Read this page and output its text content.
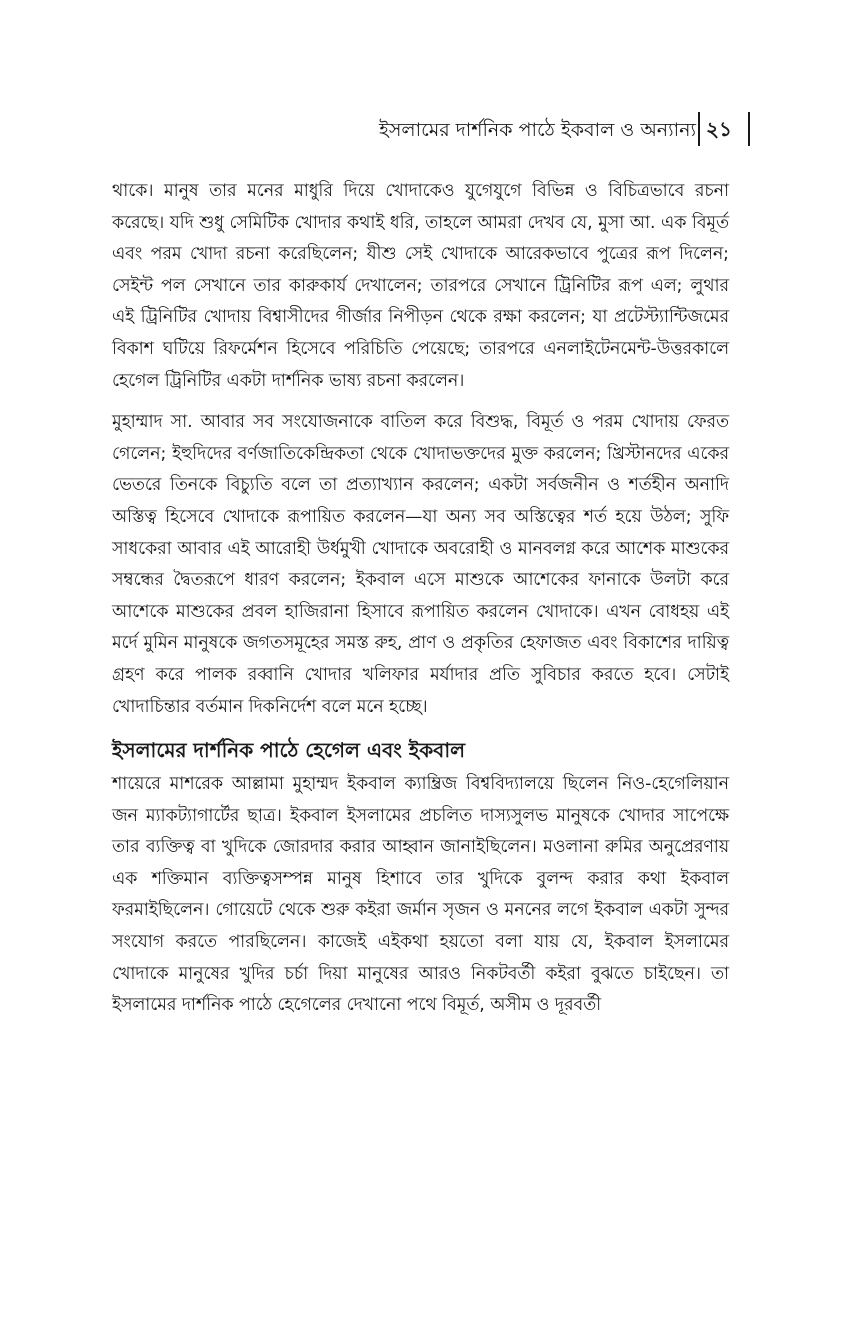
ইসলামের দার্শনিক পাঠে ইকবাল ও অন্যান্য ২১

থাকে। মানুষ তার মনের মাধুরি দিয়ে খোদাকেও যুগেযুগে বিভিন্ন ও বিচিত্রভাবে রচনা করেছে। যদি শুধু সেমিটিক খোদার কথাই ধরি, তাহলে আমরা দেখব যে, মুসা আ. এক বিমূর্ত এবং পরম খোদা রচনা করেছিলেন; যীশু সেই খোদাকে আরেকভাবে পুত্রের রূপ দিলেন; সেইন্ট পল সেখানে তার কারুকার্য দেখালেন; তারপরে সেখানে ট্রিনিটির রূপ এল; লুথার এই ট্রিনিটির খোদায় বিশ্বাসীদের গীর্জার নিপীড়ন থেকে রক্ষা করলেন; যা প্রটেস্ট্যান্টিজমের বিকাশ ঘটিয়ে রিফর্মেশন হিসেবে পরিচিতি পেয়েছে; তারপরে এনলাইটেনমেন্ট-উত্তরকালে হেগেল ট্রিনিটির একটা দার্শনিক ভাষ্য রচনা করলেন।

মুহাম্মাদ সা. আবার সব সংযোজনাকে বাতিল করে বিশুদ্ধ, বিমূর্ত ও পরম খোদায় ফেরত গেলেন; ইহুদিদের বর্ণজাতিকেন্দ্রিকতা থেকে খোদাভক্তদের মুক্ত করলেন; খ্রিস্টানদের একের ভেতরে তিনকে বিচ্যুতি বলে তা প্রত্যাখ্যান করলেন; একটা সর্বজনীন ও শর্তহীন অনাদি অস্তিত্ব হিসেবে খোদাকে রূপায়িত করলেন—যা অন্য সব অস্তিত্বের শর্ত হয়ে উঠল; সুফি সাধকেরা আবার এই আরোহী উর্ধমুখী খোদাকে অবরোহী ও মানবলগ্ন করে আশেক মাশুকের সম্বন্ধের দ্বৈতরূপে ধারণ করলেন; ইকবাল এসে মাশুকে আশেকের ফানাকে উলটা করে আশেকে মাশুকের প্রবল হাজিরানা হিসাবে রূপায়িত করলেন খোদাকে। এখন বোধহয় এই মর্দে মুমিন মানুষকে জগতসমূহের সমস্ত রুহ, প্রাণ ও প্রকৃতির হেফাজত এবং বিকাশের দায়িত্ব গ্রহণ করে পালক রব্বানি খোদার খলিফার মর্যাদার প্রতি সুবিচার করতে হবে। সেটাই খোদাচিন্তার বর্তমান দিকনির্দেশ বলে মনে হচ্ছে।

ইসলামের দার্শনিক পাঠে হেগেল এবং ইকবাল

শায়েরে মাশরেক আল্লামা মুহাম্মদ ইকবাল ক্যাম্ব্রিজ বিশ্ববিদ্যালয়ে ছিলেন নিও-হেগেলিয়ান জন ম্যাকট্যাগার্টের ছাত্র। ইকবাল ইসলামের প্রচলিত দাস্যসুলভ মানুষকে খোদার সাপেক্ষে তার ব্যক্তিত্ব বা খুদিকে জোরদার করার আহ্বান জানাইছিলেন। মওলানা রুমির অনুপ্রেরণায় এক শক্তিমান ব্যক্তিত্বসম্পন্ন মানুষ হিশাবে তার খুদিকে বুলন্দ করার কথা ইকবাল ফরমাইছিলেন। গোয়েটে থেকে শুরু কইরা জর্মান সৃজন ও মননের লগে ইকবাল একটা সুন্দর সংযোগ করতে পারছিলেন। কাজেই এইকথা হয়তো বলা যায় যে, ইকবাল ইসলামের খোদাকে মানুষের খুদির চর্চা দিয়া মানুষের আরও নিকটবর্তী কইরা বুঝতে চাইছেন। তা ইসলামের দার্শনিক পাঠে হেগেলের দেখানো পথে বিমূর্ত, অসীম ও দূরবর্তী
